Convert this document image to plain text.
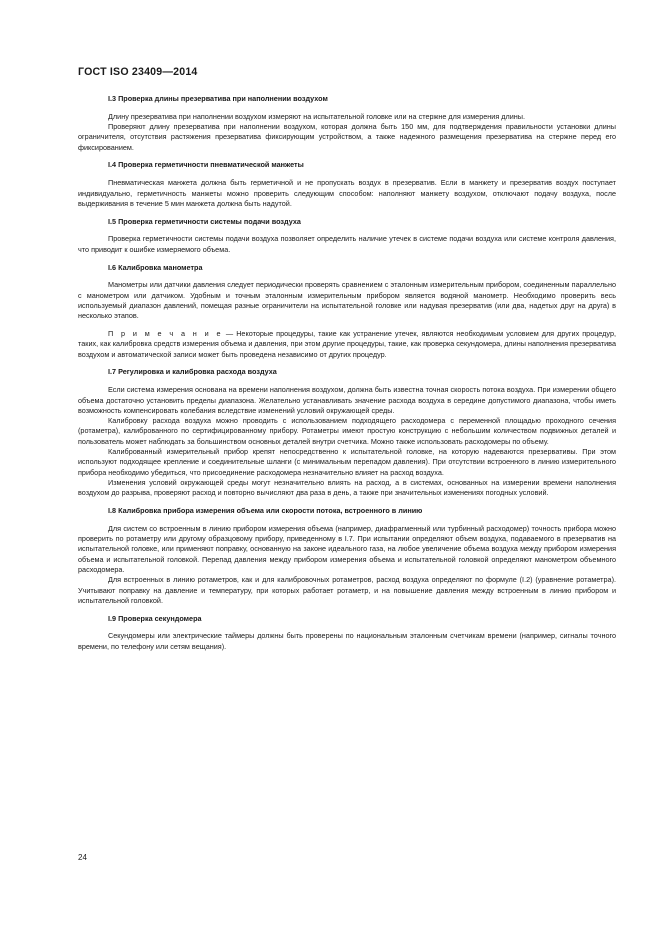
ГОСТ ISO 23409—2014

I.3 Проверка длины презерватива при наполнении воздухом

Длину презерватива при наполнении воздухом измеряют на испытательной головке или на стержне для измерения длины.

Проверяют длину презерватива при наполнении воздухом, которая должна быть 150 мм, для подтверждения правильности установки длины ограничителя, отсутствия растяжения презерватива фиксирующим устройством, а также надежного размещения презерватива на стержне перед его фиксированием.

I.4 Проверка герметичности пневматической манжеты

Пневматическая манжета должна быть герметичной и не пропускать воздух в презерватив. Если в манжету и презерватив воздух поступает индивидуально, герметичность манжеты можно проверить следующим способом: наполняют манжету воздухом, отключают подачу воздуха, после выдерживания в течение 5 мин манжета должна быть надутой.

I.5 Проверка герметичности системы подачи воздуха

Проверка герметичности системы подачи воздуха позволяет определить наличие утечек в системе подачи воздуха или системе контроля давления, что приводит к ошибке измеряемого объема.

I.6 Калибровка манометра

Манометры или датчики давления следует периодически проверять сравнением с эталонным измерительным прибором, соединенным параллельно с манометром или датчиком. Удобным и точным эталонным измерительным прибором является водяной манометр. Необходимо проверить весь используемый диапазон давлений, помещая разные ограничители на испытательной головке или надувая презерватив (или два, надетых друг на друга) в несколько этапов.

П р и м е ч а н и е — Некоторые процедуры, такие как устранение утечек, являются необходимым условием для других процедур, таких, как калибровка средств измерения объема и давления, при этом другие процедуры, такие, как проверка секундомера, длины наполнения презерватива воздухом и автоматической записи может быть проведена независимо от других процедур.

I.7 Регулировка и калибровка расхода воздуха

Если система измерения основана на времени наполнения воздухом, должна быть известна точная скорость потока воздуха. При измерении общего объема достаточно установить пределы диапазона. Желательно устанавливать значение расхода воздуха в середине допустимого диапазона, чтобы иметь возможность компенсировать колебания вследствие изменений условий окружающей среды.

Калибровку расхода воздуха можно проводить с использованием подходящего расходомера с переменной площадью проходного сечения (ротаметра), калиброванного по сертифицированному прибору. Ротаметры имеют простую конструкцию с небольшим количеством подвижных деталей и пользователь может наблюдать за большинством основных деталей внутри счетчика. Можно также использовать расходомеры по объему.

Калиброванный измерительный прибор крепят непосредственно к испытательной головке, на которую надеваются презервативы. При этом используют подходящее крепление и соединительные шланги (с минимальным перепадом давления). При отсутствии встроенного в линию измерительного прибора необходимо убедиться, что присоединение расходомера незначительно влияет на расход воздуха.

Изменения условий окружающей среды могут незначительно влиять на расход, а в системах, основанных на измерении времени наполнения воздухом до разрыва, проверяют расход и повторно вычисляют два раза в день, а также при значительных изменениях погодных условий.

I.8 Калибровка прибора измерения объема или скорости потока, встроенного в линию

Для систем со встроенным в линию прибором измерения объема (например, диафрагменный или турбинный расходомер) точность прибора можно проверить по ротаметру или другому образцовому прибору, приведенному в I.7. При испытании определяют объем воздуха, подаваемого в презерватив на испытательной головке, или применяют поправку, основанную на законе идеального газа, на любое увеличение объема воздуха между прибором измерения объема и испытательной головкой. Перепад давления между прибором измерения объема и испытательной головкой определяют манометром объемного расходомера.

Для встроенных в линию ротаметров, как и для калибровочных ротаметров, расход воздуха определяют по формуле (I.2) (уравнение ротаметра). Учитывают поправку на давление и температуру, при которых работает ротаметр, и на повышение давления между встроенным в линию прибором и испытательной головкой.

I.9 Проверка секундомера

Секундомеры или электрические таймеры должны быть проверены по национальным эталонным счетчикам времени (например, сигналы точного времени, по телефону или сетям вещания).

24
